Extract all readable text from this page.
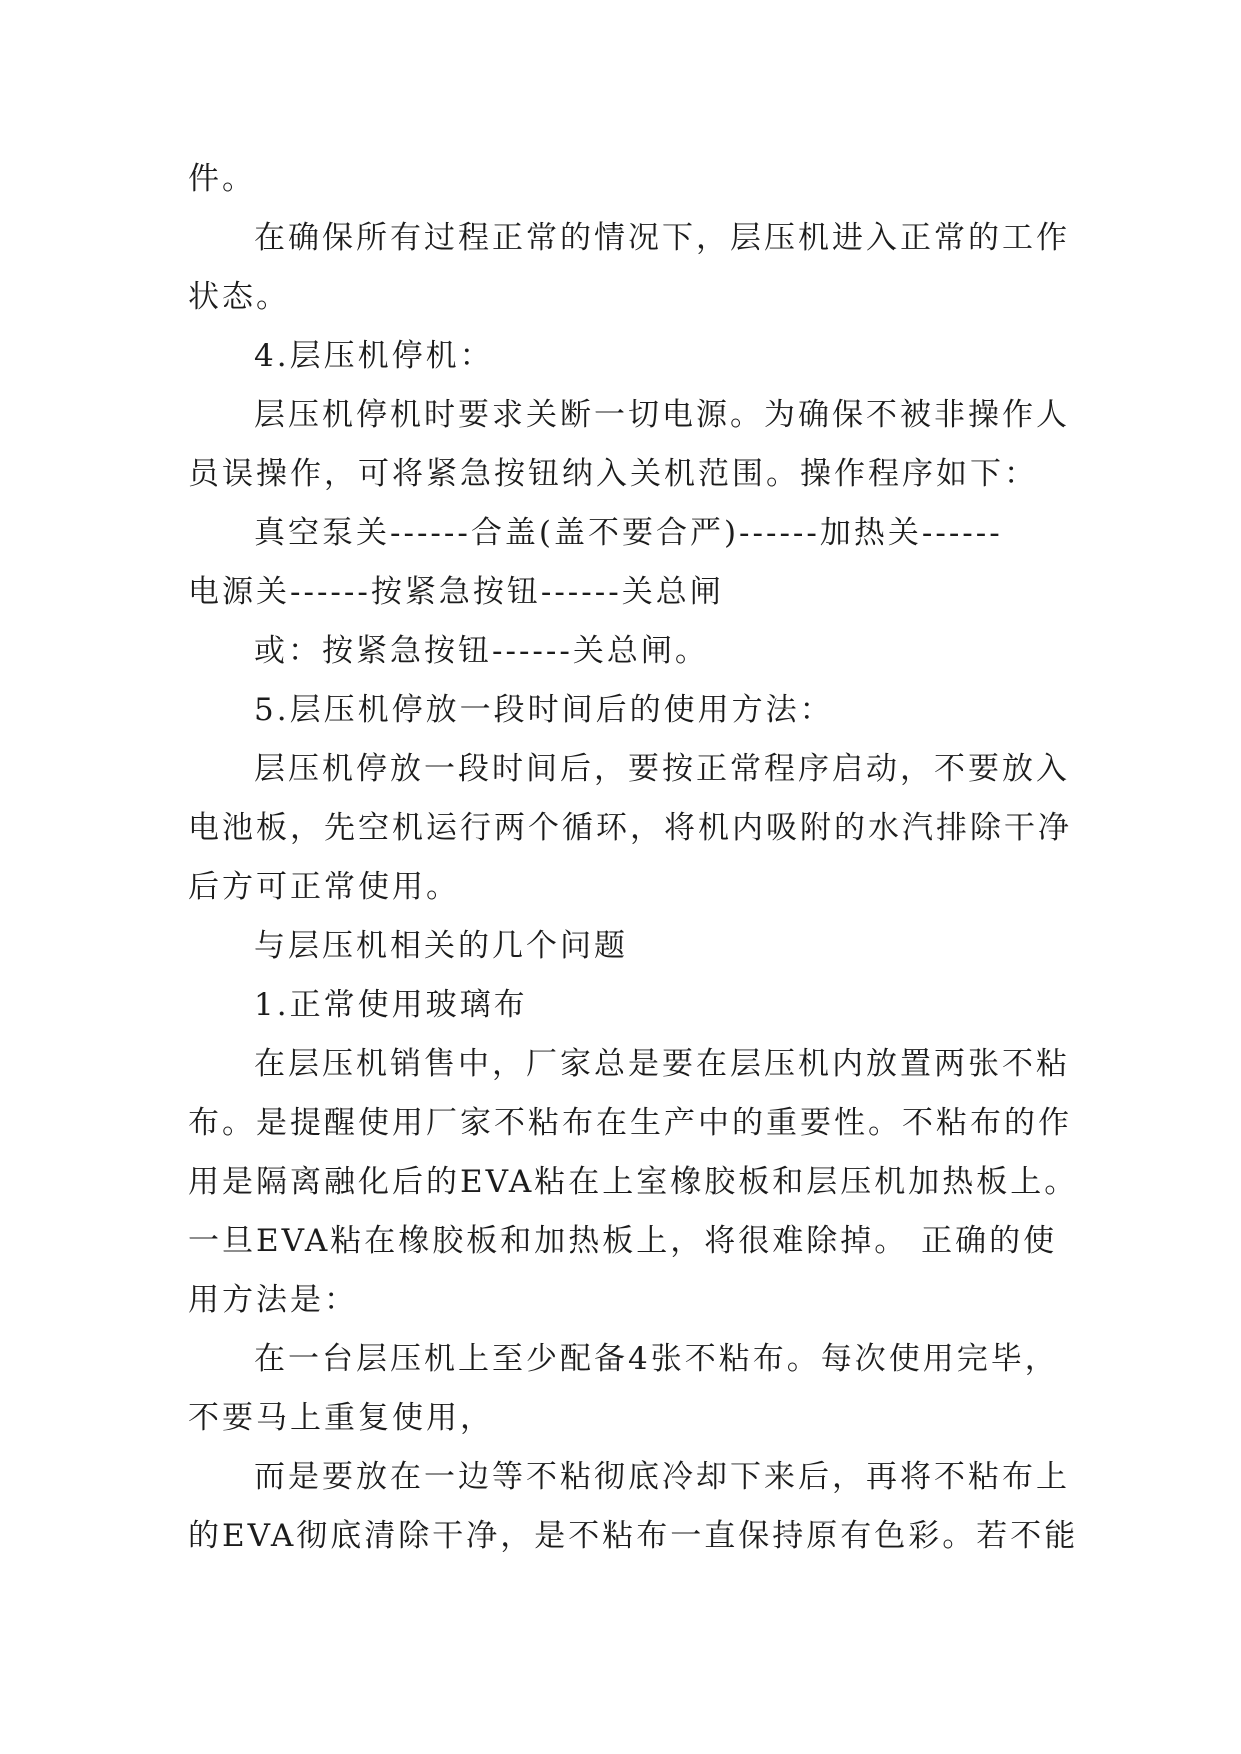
件。
在确保所有过程正常的情况下，层压机进入正常的工作
状态。
4.层压机停机：
层压机停机时要求关断一切电源。为确保不被非操作人
员误操作，可将紧急按钮纳入关机范围。操作程序如下：
真空泵关------合盖(盖不要合严)------加热关------
电源关------按紧急按钮------关总闸
或：按紧急按钮------关总闸。
5.层压机停放一段时间后的使用方法：
层压机停放一段时间后，要按正常程序启动，不要放入
电池板，先空机运行两个循环，将机内吸附的水汽排除干净
后方可正常使用。
与层压机相关的几个问题
1.正常使用玻璃布
在层压机销售中，厂家总是要在层压机内放置两张不粘
布。是提醒使用厂家不粘布在生产中的重要性。不粘布的作
用是隔离融化后的EVA粘在上室橡胶板和层压机加热板上。
一旦EVA粘在橡胶板和加热板上，将很难除掉。 正确的使
用方法是：
在一台层压机上至少配备4张不粘布。每次使用完毕，
不要马上重复使用，
而是要放在一边等不粘彻底冷却下来后，再将不粘布上
的EVA彻底清除干净，是不粘布一直保持原有色彩。若不能
